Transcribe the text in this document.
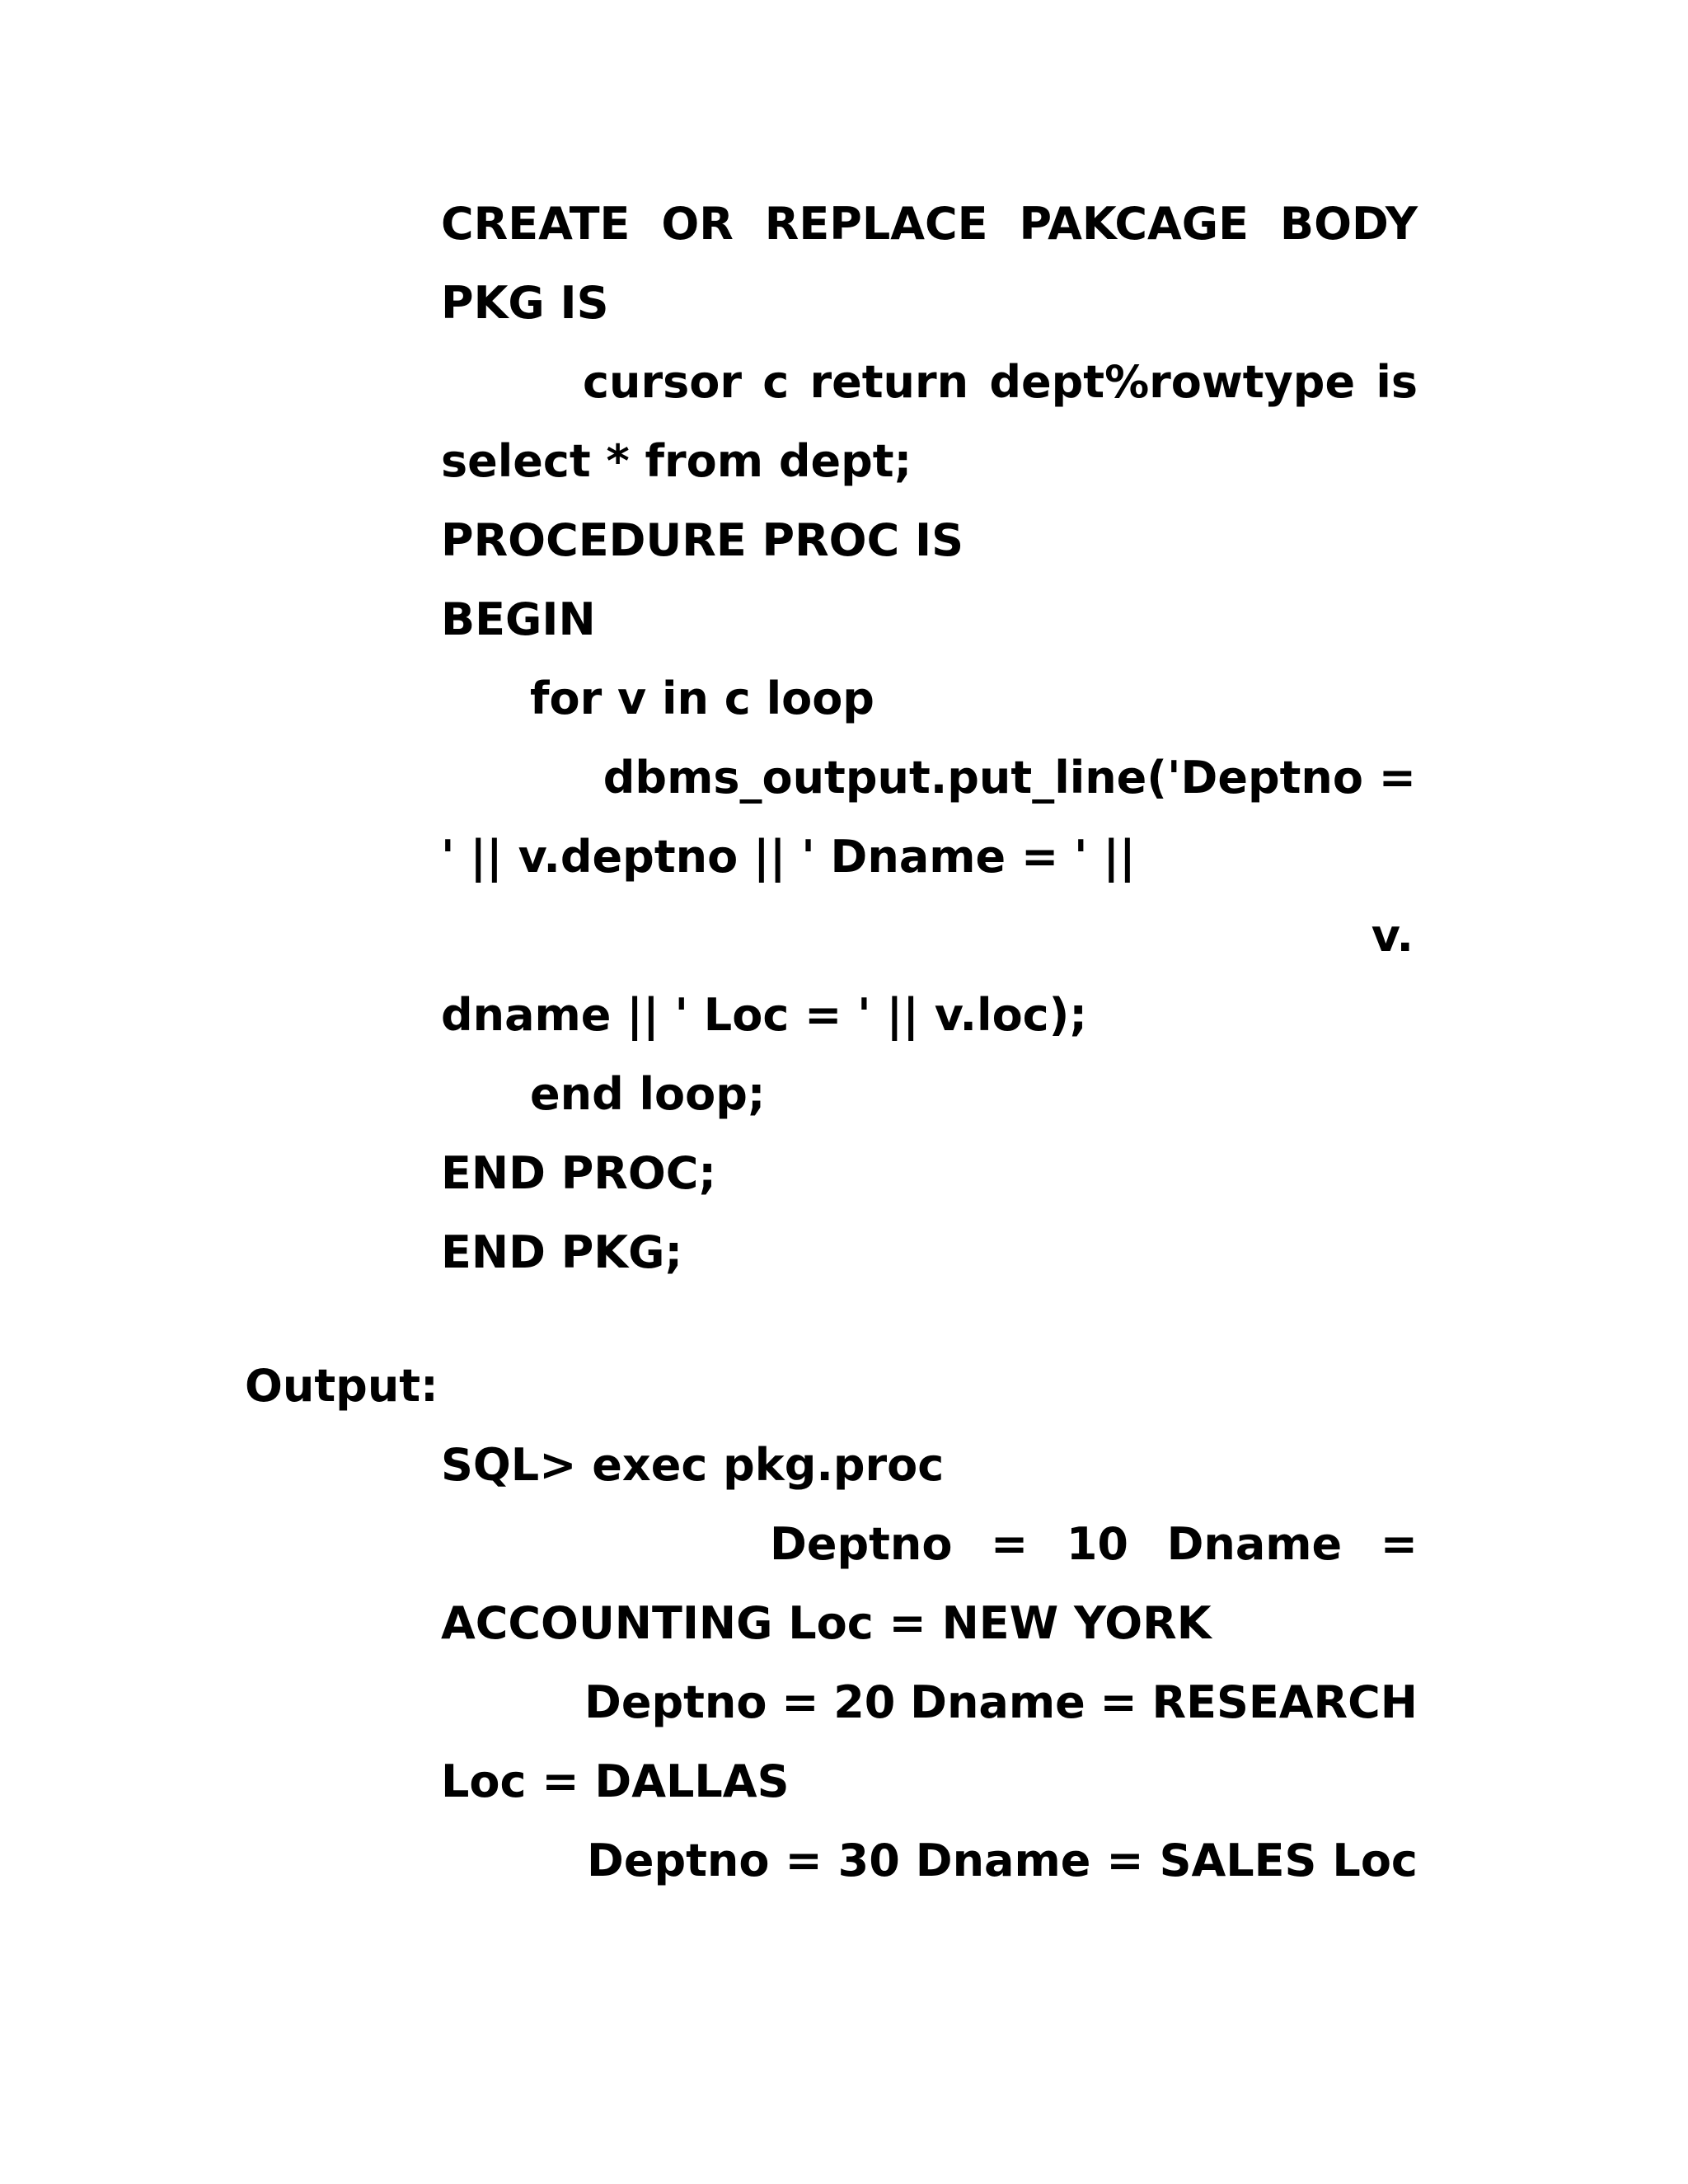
CREATE OR REPLACE PAKCAGE BODY
PKG IS
cursor c return dept%rowtype is
select * from dept;
PROCEDURE PROC IS
BEGIN
for v in c loop
dbms_output.put_line('Deptno =
' || v.deptno || ' Dname = ' ||
v.
dname || ' Loc = ' || v.loc);
end loop;
END PROC;
END PKG;
Output:
SQL> exec pkg.proc
Deptno = 10 Dname =
ACCOUNTING Loc = NEW YORK
Deptno = 20 Dname = RESEARCH
Loc = DALLAS
Deptno = 30 Dname = SALES Loc
